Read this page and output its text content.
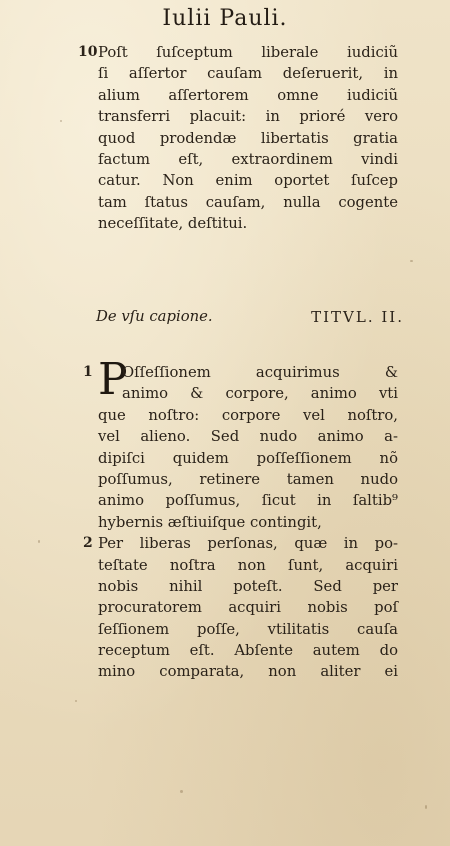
Iulii Pauli.
10 Poſt ſuſceptum liberale iudiciũ
ſi aſſertor cauſam deſeruerit, in
alium aſſertorem omne iudiciũ
transferri placuit: in prioré vero
quod prodendæ libertatis gratia
factum eſt, extraordinem vindi
catur. Non enim oportet ſuſcep
tam ſtatus cauſam, nulla cogente
neceſſitate, deſtitui.
De vſu capione.	TITVL. II.
P
1 Oſſeſſionem acquirimus &
animo & corpore, animo vti
que noſtro: corpore vel noſtro,
vel alieno. Sed nudo animo a-
dipiſci quidem poſſeſſionem nõ
poſſumus, retinere tamen nudo
animo poſſumus, ſicut in ſaltib⁹
hybernis æſtiuiſque contingit,
2 Per liberas perſonas, quæ in po-
teſtate noſtra non ſunt, acquiri
nobis nihil poteſt. Sed per
procuratorem acquiri nobis poſ
ſeſſionem poſſe, vtilitatis cauſa
receptum eſt. Abſente autem do
mino comparata, non aliter ei
